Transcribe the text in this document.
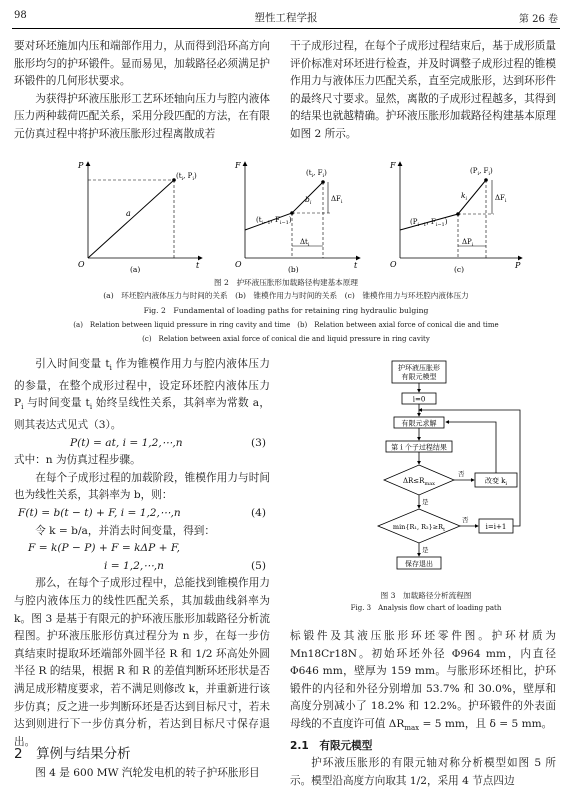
98	塑性工程学报	第 26 卷

要对环坯施加内压和端部作用力，从而得到沿环高方向胀形均匀的护环锻件。显而易见，加载路径必须满足护环锻件的几何形状要求。

为获得护环液压胀形工艺环坯轴向压力与腔内液体压力两种载荷匹配关系，采用分段匹配的方法，在有限元仿真过程中将护环液压胀形过程离散成若

干子成形过程，在每个子成形过程结束后，基于成形质量评价标准对环坯进行检查，并及时调整子成形过程的锥模作用力与液体压力匹配关系，直至完成胀形，达到环形件的最终尺寸要求。显然，离散的子成形过程越多，其得到的结果也就越精确。护环液压胀形加载路径构建基本原理如图 2 所示。

P
t
O
($t_i$, $P_i$)
a
(a)
F
t
O
($t_i$, $F_i$)
($t_{i-1}$, $F_{i-1}$)
$b_i$	$\Delta F_i$
$\Delta t_i$
(b)
F
P
O
($P_i$, $F_i$)
($P_{i-1}$, $F_{i-1}$)
$k_i$	$\Delta F_i$
$\Delta P_i$
(c)
图 2　护环液压胀形加载路径构建基本原理
(a)　环坯腔内液体压力与时间的关系　(b)　锥模作用力与时间的关系　(c)　锥模作用力与环坯腔内液体压力
Fig. 2　Fundamental of loading paths for retaining ring hydraulic bulging
(a)　Relation between liquid pressure in ring cavity and time　(b)　Relation between axial force of conical die and time
(c)　Relation between axial force of conical die and liquid pressure in ring cavity

引入时间变量 $t_i$ 作为锥模作用力与腔内液体压力的参量，在整个成形过程中，设定环坯腔内液体压力 $P_i$ 与时间变量 $t_i$ 始终呈线性关系，其斜率为常数 a，则其表达式见式（3）。

P(t) = at, i = 1,2,⋯,n	(3)

式中：n 为仿真过程步骤。

在每个子成形过程的加载阶段，锥模作用力与时间也为线性关系，其斜率为 b，则：

F(t) = b(t − t) + F, i = 1,2,⋯,n	(4)

令 k = b/a，并消去时间变量，得到：

F = k(P − P) + F = kΔP + F,
i = 1,2,⋯,n	(5)

那么，在每个子成形过程中，总能找到锥模作用力与腔内液体压力的线性匹配关系，其加载曲线斜率为 k。图 3 是基于有限元的护环液压胀形加载路径分析流程图。护环液压胀形仿真过程分为 n 步，在每一步仿真结束时提取环坯端部外圆半径 R 和 1/2 环高处外圆半径 R 的结果，根据 R 和 R 的差值判断环坯形状是否满足成形精度要求，若不满足则修改 k，并重新进行该步仿真；反之进一步判断环坯是否达到目标尺寸，若未达到则进行下一步仿真分析，若达到目标尺寸保存退出。

护环液压胀形
有限元模型
i=0
有限元求解
第 i 个子过程结果
$\Delta R\le R_{max}$
否
改变 $k_i$
是
min{R₁, $R_2\}\ge R_t$
否
i=i+1
是
保存退出
图 3　加载路径分析流程图
Fig. 3　Analysis flow chart of loading path

标锻件及其液压胀形环坯零件图。护环材质为 Mn18Cr18N。初始环坯外径 Φ964 mm，内直径 Φ646 mm，壁厚为 159 mm。与胀形环坯相比，护环锻件的内径和外径分别增加 53.7% 和 30.0%，壁厚和高度分别减小了 18.2% 和 12.2%。护环锻件的外表面母线的不直度许可值 $\Delta R_{max} = 5$ mm，且 δ = 5 mm。

2.1　有限元模型

护环液压胀形的有限元轴对称分析模型如图 5 所示。模型沿高度方向取其 1/2，采用 4 节点四边

2　算例与结果分析

图 4 是 600 MW 汽轮发电机的转子护环胀形目
